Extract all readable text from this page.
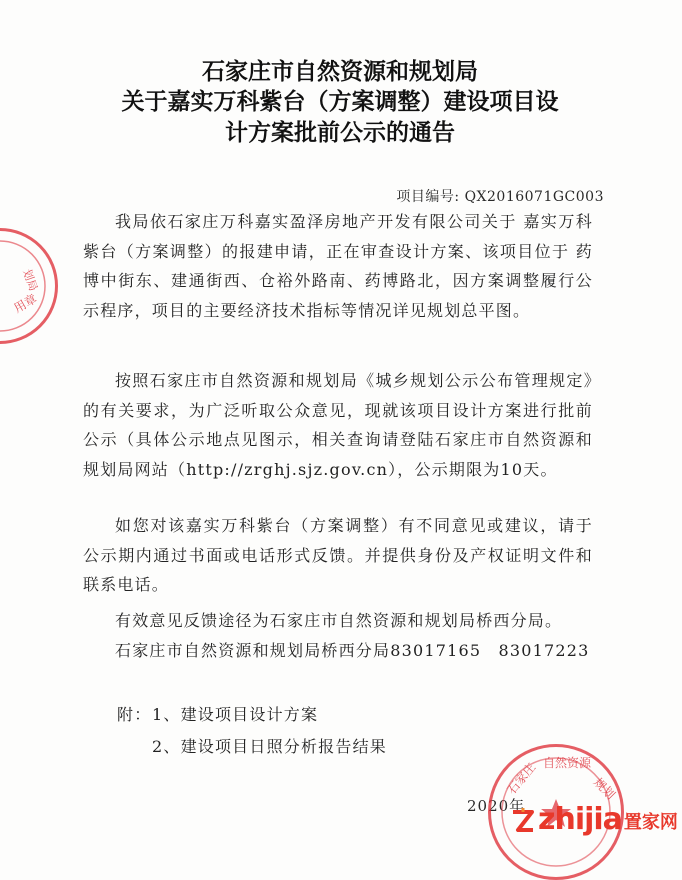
石家庄市自然资源和规划局
关于嘉实万科紫台（方案调整）建设项目设
计方案批前公示的通告
项目编号: QX2016071GC003

我局依石家庄万科嘉实盈泽房地产开发有限公司关于 嘉实万科紫台（方案调整）的报建申请，正在审查设计方案、该项目位于 药博中街东、建通街西、仓裕外路南、药博路北，因方案调整履行公示程序，项目的主要经济技术指标等情况详见规划总平图。

按照石家庄市自然资源和规划局《城乡规划公示公布管理规定》的有关要求，为广泛听取公众意见，现就该项目设计方案进行批前公示（具体公示地点见图示，相关查询请登陆石家庄市自然资源和规划局网站（http://zrghj.sjz.gov.cn），公示期限为10天。

如您对该嘉实万科紫台（方案调整）有不同意见或建议，请于公示期内通过书面或电话形式反馈。并提供身份及产权证明文件和联系电话。

有效意见反馈途径为石家庄市自然资源和规划局桥西分局。

石家庄市自然资源和规划局桥西分局83017165　83017223

附： 1、建设项目设计方案
2、建设项目日照分析报告结果
2020年
划局
用章
石家庄 自然资源
规划
zhijia 置家网
